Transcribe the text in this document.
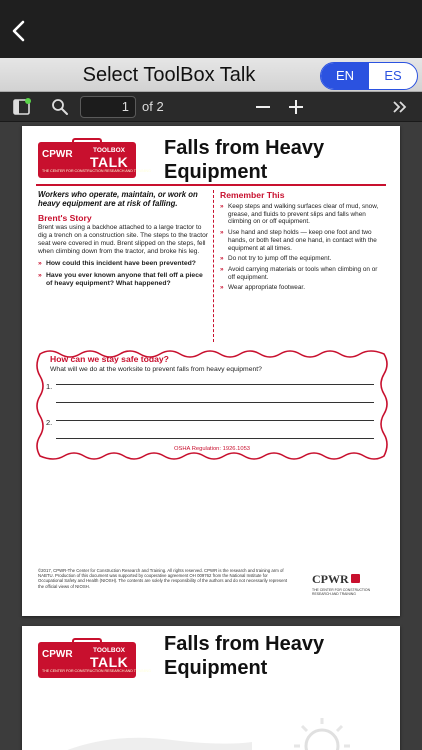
Select ToolBox Talk	EN	ES
1	of 2
CPWR	TOOLBOX
TALK
THE CENTER FOR CONSTRUCTION RESEARCH AND TRAINING
Falls from Heavy
Equipment
Workers who operate, maintain, or work on heavy equipment are at risk of falling.
Brent's Story
Brent was using a backhoe attached to a large tractor to dig a trench on a construction site. The steps to the tractor seat were covered in mud. Brent slipped on the steps, fell when climbing down from the tractor, and broke his leg.
» How could this incident have been prevented?
» Have you ever known anyone that fell off a piece of heavy equipment? What happened?
Remember This
» Keep steps and walking surfaces clear of mud, snow, grease, and fluids to prevent slips and falls when climbing on or off equipment.
» Use hand and step holds — keep one foot and two hands, or both feet and one hand, in contact with the equipment at all times.
» Do not try to jump off the equipment.
» Avoid carrying materials or tools when climbing on or off equipment.
» Wear appropriate footwear.
How can we stay safe today?
What will we do at the worksite to prevent falls from heavy equipment?
1.
2.
OSHA Regulation: 1926.1053
©2017, CPWR-The Center for Construction Research and Training. All rights reserved. CPWR is the research and training arm of NABTU. Production of this document was supported by cooperative agreement OH 009762 from the National Institute for Occupational Safety and Health (NIOSH). The contents are solely the responsibility of the authors and do not necessarily represent the official views of NIOSH.
CPWR
THE CENTER FOR CONSTRUCTION RESEARCH AND TRAINING
CPWR	TOOLBOX
TALK
THE CENTER FOR CONSTRUCTION RESEARCH AND TRAINING
Falls from Heavy
Equipment
